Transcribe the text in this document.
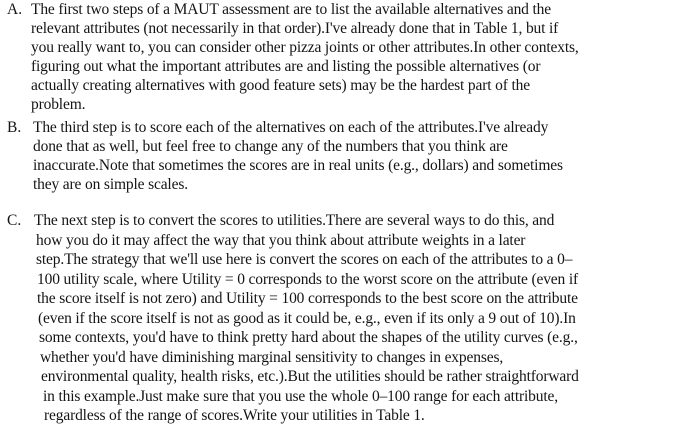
A. The first two steps of a MAUT assessment are to list the available alternatives and the
relevant attributes (not necessarily in that order).I've already done that in Table 1, but if
you really want to, you can consider other pizza joints or other attributes.In other contexts,
figuring out what the important attributes are and listing the possible alternatives (or
actually creating alternatives with good feature sets) may be the hardest part of the
problem.
B. The third step is to score each of the alternatives on each of the attributes.I've already
done that as well, but feel free to change any of the numbers that you think are
inaccurate.Note that sometimes the scores are in real units (e.g., dollars) and sometimes
they are on simple scales.
C. The next step is to convert the scores to utilities.There are several ways to do this, and
how you do it may affect the way that you think about attribute weights in a later
step.The strategy that we'll use here is convert the scores on each of the attributes to a 0–
100 utility scale, where Utility = 0 corresponds to the worst score on the attribute (even if
the score itself is not zero) and Utility = 100 corresponds to the best score on the attribute
(even if the score itself is not as good as it could be, e.g., even if its only a 9 out of 10).In
some contexts, you'd have to think pretty hard about the shapes of the utility curves (e.g.,
whether you'd have diminishing marginal sensitivity to changes in expenses,
environmental quality, health risks, etc.).But the utilities should be rather straightforward
in this example.Just make sure that you use the whole 0–100 range for each attribute,
regardless of the range of scores.Write your utilities in Table 1.
